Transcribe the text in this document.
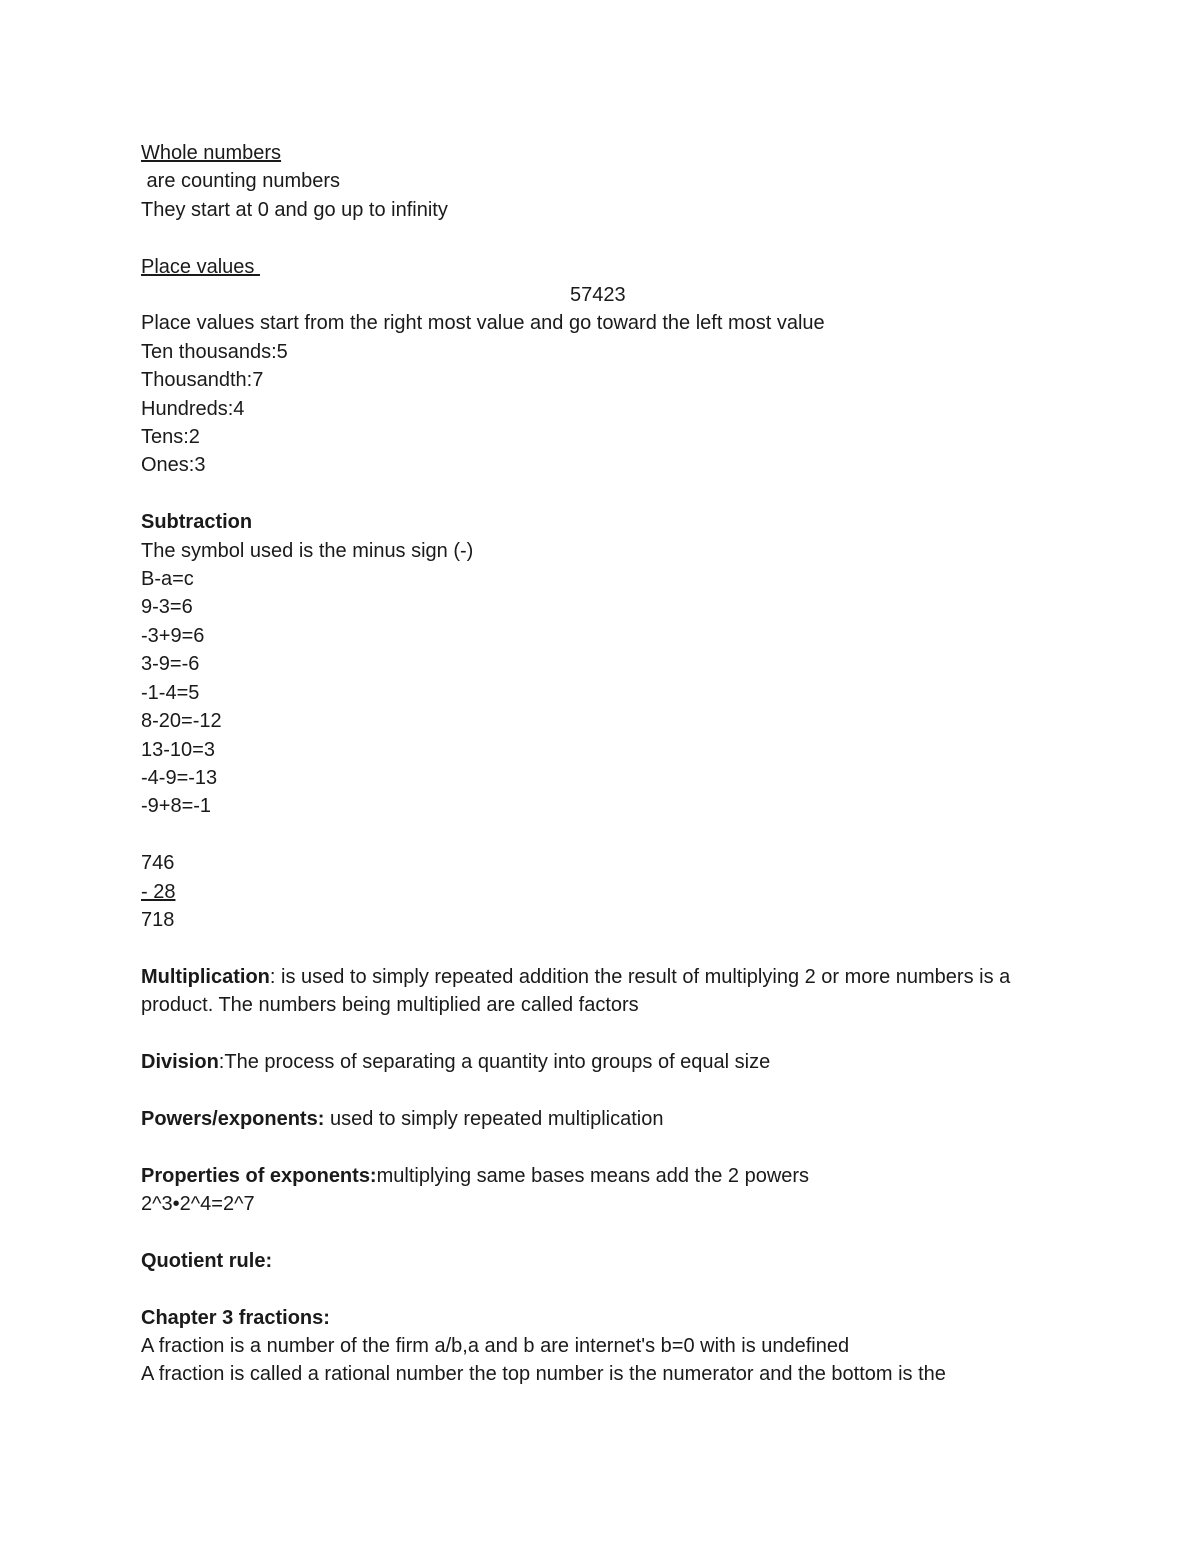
Whole numbers
are counting numbers
They start at 0 and go up to infinity
Place values
57423
Place values start from the right most value and go toward the left most value
Ten thousands:5
Thousandth:7
Hundreds:4
Tens:2
Ones:3
Subtraction
The symbol used is the minus sign (-)
B-a=c
9-3=6
-3+9=6
3-9=-6
-1-4=5
8-20=-12
13-10=3
-4-9=-13
-9+8=-1
746
- 28
718
Multiplication: is used to simply repeated addition the result of multiplying 2 or more numbers is a product. The numbers being multiplied are called factors
Division:The process of separating a quantity into groups of equal size
Powers/exponents: used to simply repeated multiplication
Properties of exponents:multiplying same bases means add the 2 powers
2^3•2^4=2^7
Quotient rule:
Chapter 3 fractions:
A fraction is a number of the firm a/b,a and b are internet's b=0 with is undefined
A fraction is called a rational number the top number is the numerator and the bottom is the
